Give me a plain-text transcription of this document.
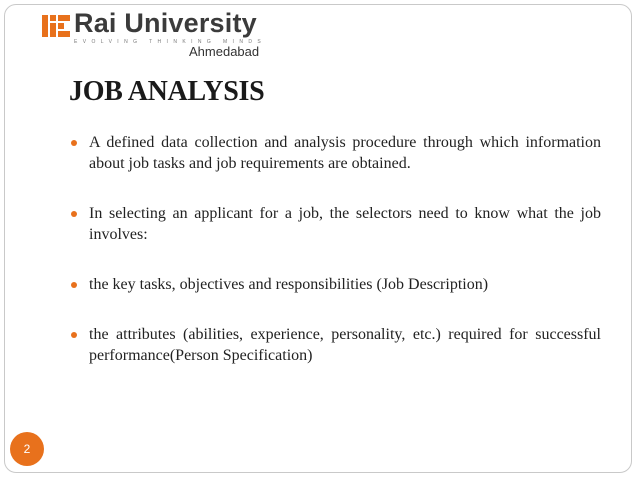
Rai University
EVOLVING THINKING MINDS
Ahmedabad
JOB ANALYSIS
A defined data collection and analysis procedure through which information about job tasks and job requirements are obtained.
In selecting an applicant for a job, the selectors need to know what the job involves:
the key tasks, objectives and responsibilities (Job Description)
the attributes (abilities, experience, personality, etc.) required for successful performance(Person Specification)
2
